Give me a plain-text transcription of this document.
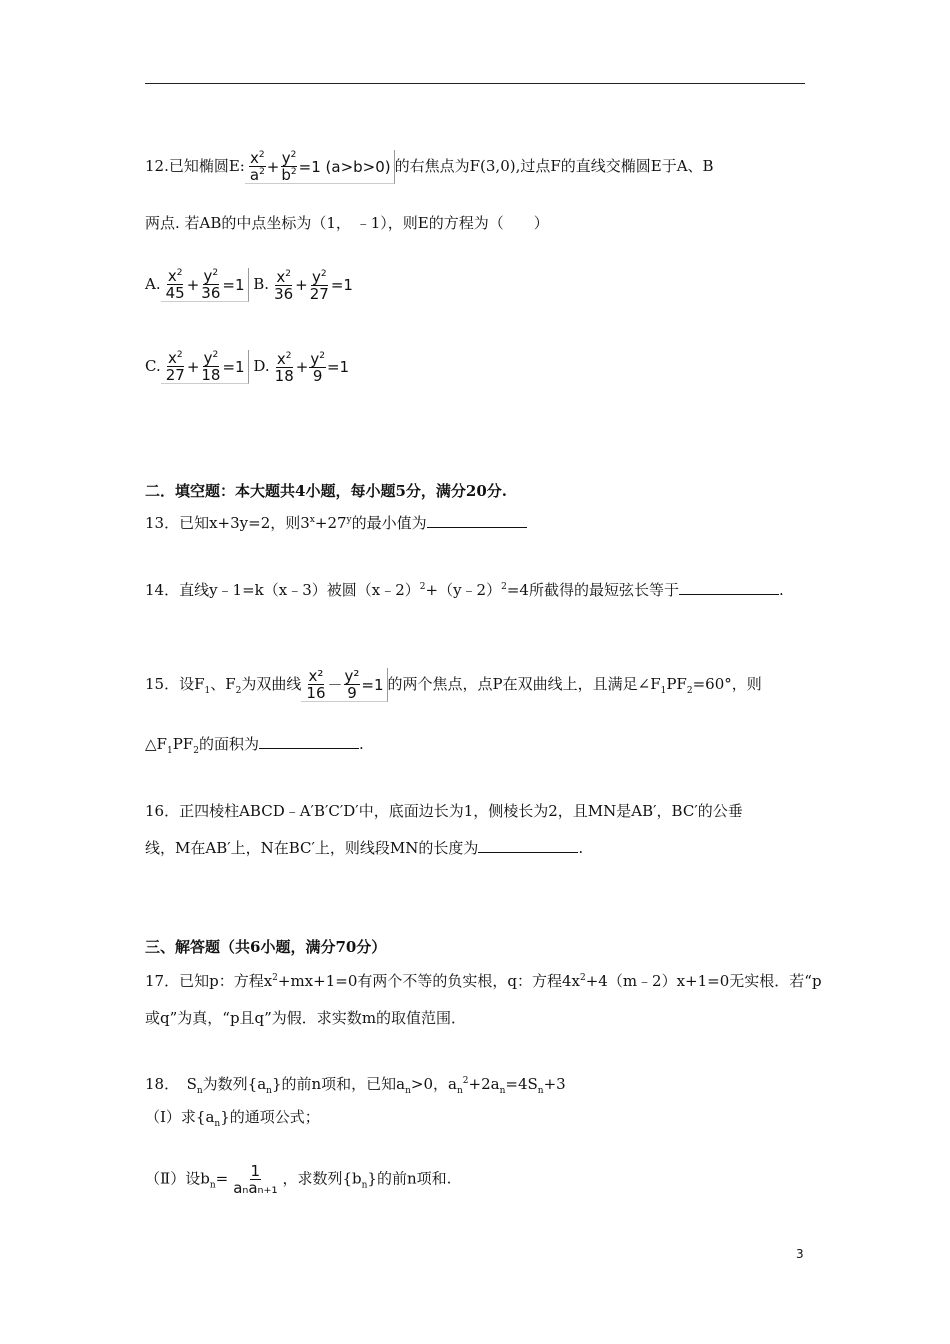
12.已知椭圆E: $\frac{x^2}{a^2} + \frac{y^2}{b^2} =1$ (a>b>0) 的右焦点为F(3,0),过点F的直线交椭圆E于A、B
两点. 若AB的中点坐标为（1， ﹣1），则E的方程为（　　）
A. $\frac{x^2}{45} + \frac{y^2}{36} =1$ B. $\frac{x^2}{36} + \frac{y^2}{27} =1$
C. $\frac{x^2}{27} + \frac{y^2}{18} =1$ D. $\frac{x^2}{18} + \frac{y^2}{9} =1$
二．填空题：本大题共4小题，每小题5分，满分20分.
13．已知x+3y=2，则$3^x+27^y$的最小值为
14．直线y﹣1=k（x﹣3）被圆（x﹣2）$^2$+（y﹣2）$^2$=4所截得的最短弦长等于	.
15．设$F_1$、$F_2$为双曲线 $\frac{\text{x²}}{16} - \frac{\text{y²}}{9} =1$ 的两个焦点，点P在双曲线上，且满足$\angle F_1PF_2=60^\circ$，则
$\triangle F_1PF_2$的面积为	.
16．正四棱柱ABCD﹣A′B′C′D′中，底面边长为1，侧棱长为2，且MN是AB′，BC′的公垂
线，M在AB′上，N在BC′上，则线段MN的长度为	.
三、解答题（共6小题，满分70分）
17．已知p：方程$x^2+mx+1=0$有两个不等的负实根，q：方程$4x^2+4(m﹣2)x+1=0$无实根．若“p
或q”为真，“p且q”为假．求实数m的取值范围．
18．　$S_n$为数列$\{a_n\}$的前n项和，已知$a_n>0$，$a_n^2+2a_n=4S_n+3$
（I）求$\{a_n\}$的通项公式；
（Ⅱ）设$b_n= \frac{1}{\text{aₙaₙ₊₁}}$ ，求数列$\{b_n\}$的前n项和.
3
